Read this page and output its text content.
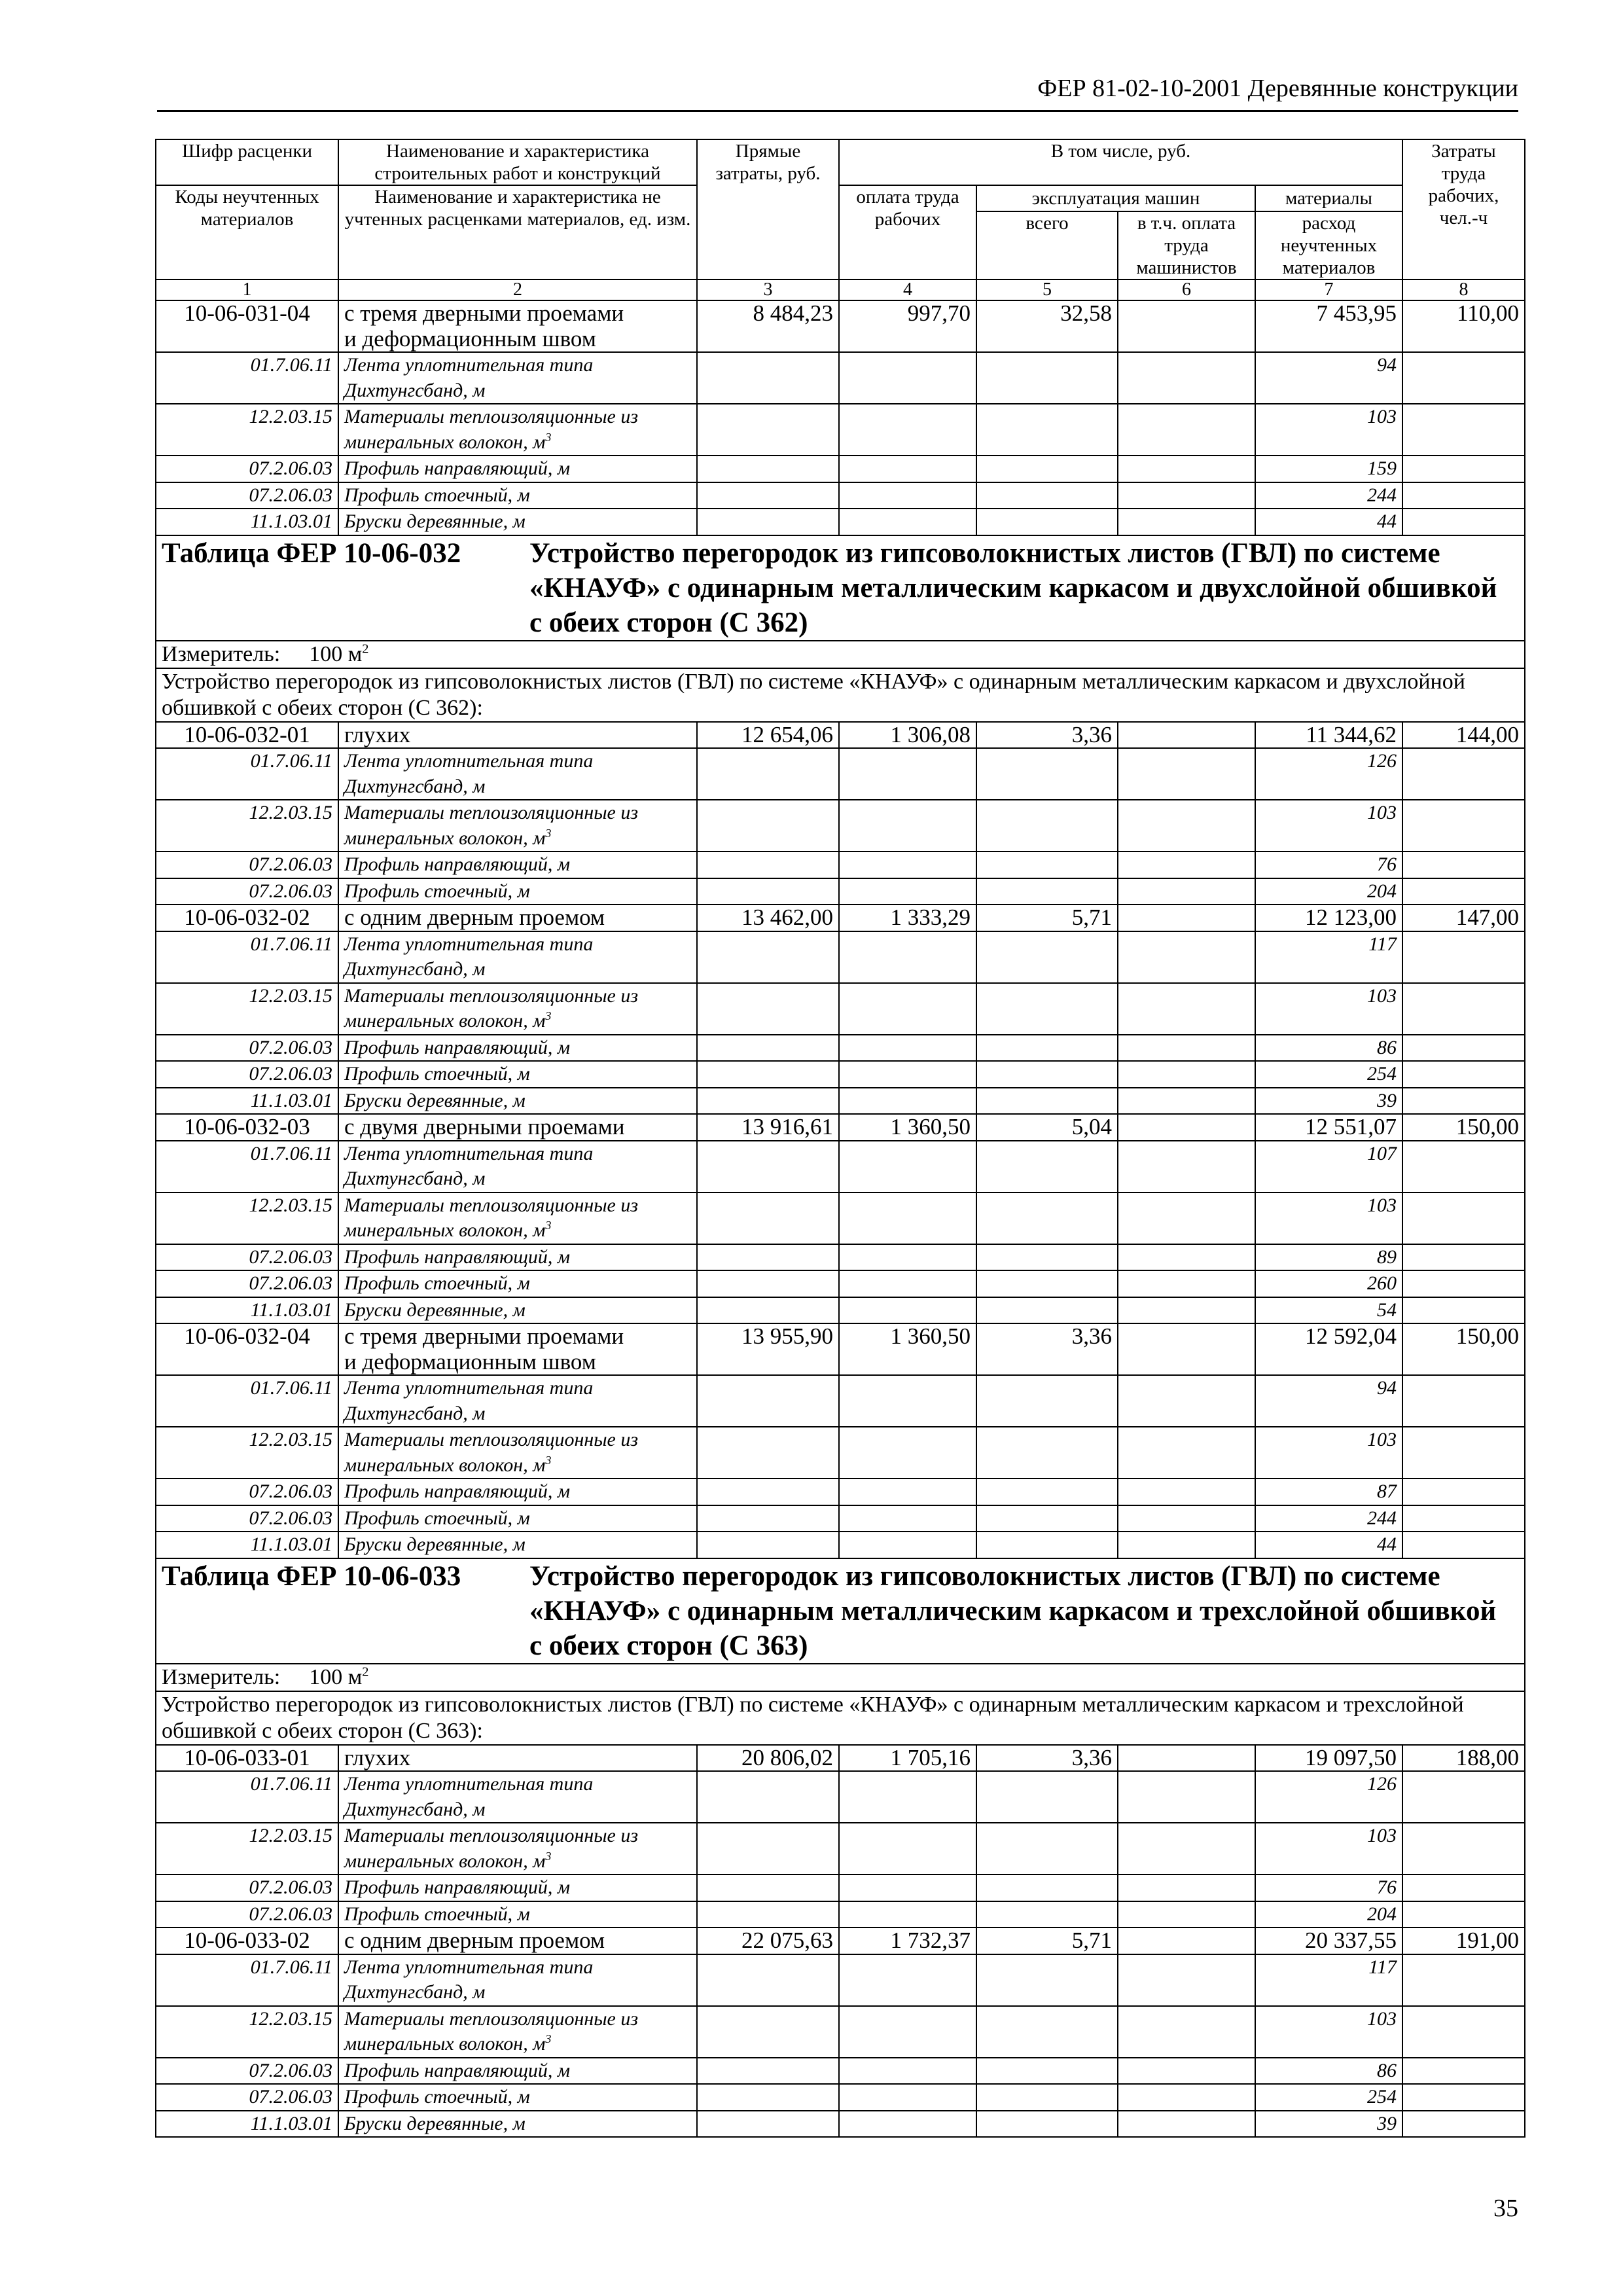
ФЕР 81-02-10-2001 Деревянные конструкции
Шифр расценки	Наименование и характеристика строительных работ и конструкций	Прямые затраты, руб.	В том числе, руб.				Затраты труда рабочих, чел.-ч
Коды неучтенных материалов	Наименование и характеристика не учтенных расценками материалов, ед. изм.		оплата труда рабочих	эксплуатация машин		материалы	
				всего	в т.ч. оплата труда машинистов	расход неучтенных материалов	
1	2	3	4	5	6	7	8
10-06-031-04	с тремя дверными проемами
и деформационным швом	8 484,23	997,70	32,58		7 453,95	110,00
01.7.06.11	Лента уплотнительная типа
Дихтунгсбанд, м					94	
12.2.03.15	Материалы теплоизоляционные из
минеральных волокон, $м^3$					103	
07.2.06.03	Профиль направляющий, м					159	
07.2.06.03	Профиль стоечный, м					244	
11.1.03.01	Бруски деревянные, м					44	
Таблица ФЕР 10-06-032 Устройство перегородок из гипсоволокнистых листов (ГВЛ) по системе «КНАУФ» с одинарным металлическим каркасом и двухслойной обшивкой с обеих сторон (С 362)							
Измеритель: 100 $м^2$
Устройство перегородок из гипсоволокнистых листов (ГВЛ) по системе «КНАУФ» с одинарным металлическим каркасом и двухслойной обшивкой с обеих сторон (С 362):							
10-06-032-01	глухих	12 654,06	1 306,08	3,36		11 344,62	144,00
01.7.06.11	Лента уплотнительная типа
Дихтунгсбанд, м					126	
12.2.03.15	Материалы теплоизоляционные из
минеральных волокон, $м^3$					103	
07.2.06.03	Профиль направляющий, м					76	
07.2.06.03	Профиль стоечный, м					204	
10-06-032-02	с одним дверным проемом	13 462,00	1 333,29	5,71		12 123,00	147,00
01.7.06.11	Лента уплотнительная типа
Дихтунгсбанд, м					117	
12.2.03.15	Материалы теплоизоляционные из
минеральных волокон, $м^3$					103	
07.2.06.03	Профиль направляющий, м					86	
07.2.06.03	Профиль стоечный, м					254	
11.1.03.01	Бруски деревянные, м					39	
10-06-032-03	с двумя дверными проемами	13 916,61	1 360,50	5,04		12 551,07	150,00
01.7.06.11	Лента уплотнительная типа
Дихтунгсбанд, м					107	
12.2.03.15	Материалы теплоизоляционные из
минеральных волокон, $м^3$					103	
07.2.06.03	Профиль направляющий, м					89	
07.2.06.03	Профиль стоечный, м					260	
11.1.03.01	Бруски деревянные, м					54	
10-06-032-04	с тремя дверными проемами
и деформационным швом	13 955,90	1 360,50	3,36		12 592,04	150,00
01.7.06.11	Лента уплотнительная типа
Дихтунгсбанд, м					94	
12.2.03.15	Материалы теплоизоляционные из
минеральных волокон, $м^3$					103	
07.2.06.03	Профиль направляющий, м					87	
07.2.06.03	Профиль стоечный, м					244	
11.1.03.01	Бруски деревянные, м					44	
Таблица ФЕР 10-06-033 Устройство перегородок из гипсоволокнистых листов (ГВЛ) по системе «КНАУФ» с одинарным металлическим каркасом и трехслойной обшивкой с обеих сторон (С 363)							
Измеритель: 100 $м^2$
Устройство перегородок из гипсоволокнистых листов (ГВЛ) по системе «КНАУФ» с одинарным металлическим каркасом и трехслойной обшивкой с обеих сторон (С 363):							
10-06-033-01	глухих	20 806,02	1 705,16	3,36		19 097,50	188,00
01.7.06.11	Лента уплотнительная типа
Дихтунгсбанд, м					126	
12.2.03.15	Материалы теплоизоляционные из
минеральных волокон, $м^3$					103	
07.2.06.03	Профиль направляющий, м					76	
07.2.06.03	Профиль стоечный, м					204	
10-06-033-02	с одним дверным проемом	22 075,63	1 732,37	5,71		20 337,55	191,00
01.7.06.11	Лента уплотнительная типа
Дихтунгсбанд, м					117	
12.2.03.15	Материалы теплоизоляционные из
минеральных волокон, $м^3$					103	
07.2.06.03	Профиль направляющий, м					86	
07.2.06.03	Профиль стоечный, м					254	
11.1.03.01	Бруски деревянные, м					39	
35
